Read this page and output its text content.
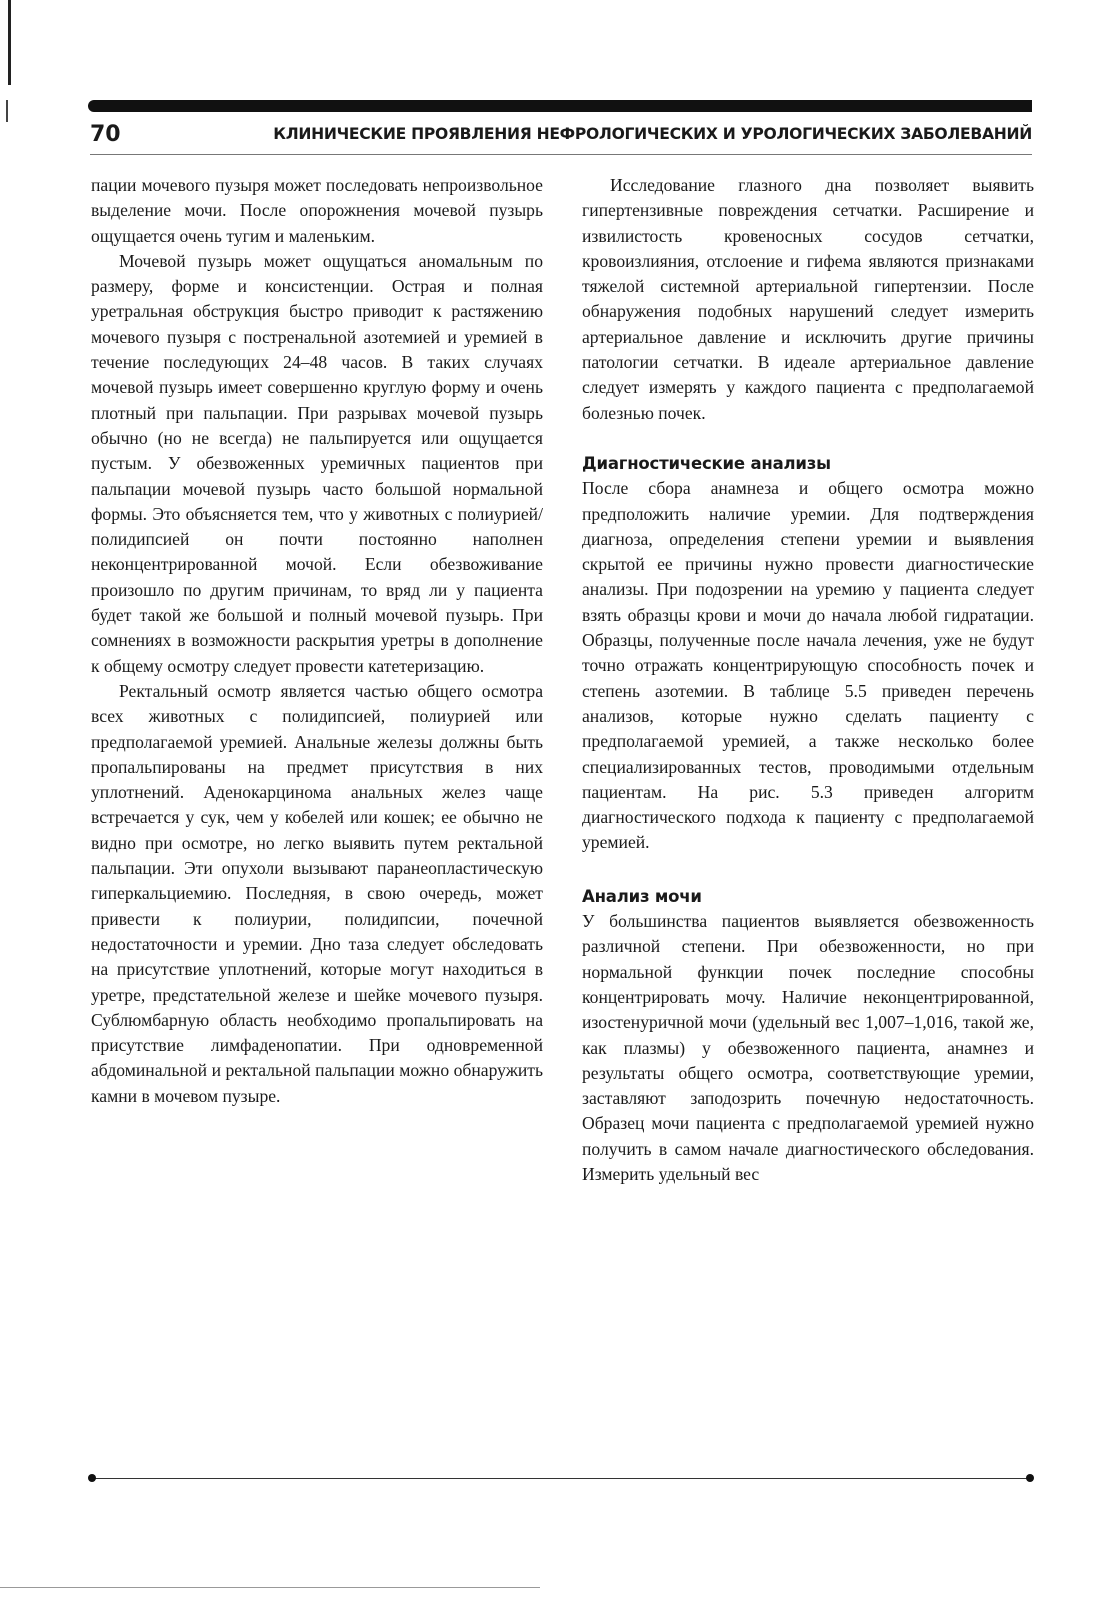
70	КЛИНИЧЕСКИЕ ПРОЯВЛЕНИЯ НЕФРОЛОГИЧЕСКИХ И УРОЛОГИЧЕСКИХ ЗАБОЛЕВАНИЙ

пации мочевого пузыря может последовать непроизвольное выделение мочи. После опорожнения мочевой пузырь ощущается очень тугим и маленьким.

Мочевой пузырь может ощущаться аномальным по размеру, форме и консистенции. Острая и полная уретральная обструкция быстро приводит к растяжению мочевого пузыря с постренальной азотемией и уремией в течение последующих 24–48 часов. В таких случаях мочевой пузырь имеет совершенно круглую форму и очень плотный при пальпации. При разрывах мочевой пузырь обычно (но не всегда) не пальпируется или ощущается пустым. У обезвоженных уремичных пациентов при пальпации мочевой пузырь часто большой нормальной формы. Это объясняется тем, что у животных с полиурией/полидипсией он почти постоянно наполнен неконцентрированной мочой. Если обезвоживание произошло по другим причинам, то вряд ли у пациента будет такой же большой и полный мочевой пузырь. При сомнениях в возможности раскрытия уретры в дополнение к общему осмотру следует провести катетеризацию.

Ректальный осмотр является частью общего осмотра всех животных с полидипсией, полиурией или предполагаемой уремией. Анальные железы должны быть пропальпированы на предмет присутствия в них уплотнений. Аденокарцинома анальных желез чаще встречается у сук, чем у кобелей или кошек; ее обычно не видно при осмотре, но легко выявить путем ректальной пальпации. Эти опухоли вызывают паранеопластическую гиперкальциемию. Последняя, в свою очередь, может привести к полиурии, полидипсии, почечной недостаточности и уремии. Дно таза следует обследовать на присутствие уплотнений, которые могут находиться в уретре, предстательной железе и шейке мочевого пузыря. Сублюмбарную область необходимо пропальпировать на присутствие лимфаденопатии. При одновременной абдоминальной и ректальной пальпации можно обнаружить камни в мочевом пузыре.

Исследование глазного дна позволяет выявить гипертензивные повреждения сетчатки. Расширение и извилистость кровеносных сосудов сетчатки, кровоизлияния, отслоение и гифема являются признаками тяжелой системной артериальной гипертензии. После обнаружения подобных нарушений следует измерить артериальное давление и исключить другие причины патологии сетчатки. В идеале артериальное давление следует измерять у каждого пациента с предполагаемой болезнью почек.

Диагностические анализы

После сбора анамнеза и общего осмотра можно предположить наличие уремии. Для подтверждения диагноза, определения степени уремии и выявления скрытой ее причины нужно провести диагностические анализы. При подозрении на уремию у пациента следует взять образцы крови и мочи до начала любой гидратации. Образцы, полученные после начала лечения, уже не будут точно отражать концентрирующую способность почек и степень азотемии. В таблице 5.5 приведен перечень анализов, которые нужно сделать пациенту с предполагаемой уремией, а также несколько более специализированных тестов, проводимыми отдельным пациентам. На рис. 5.3 приведен алгоритм диагностического подхода к пациенту с предполагаемой уремией.

Анализ мочи

У большинства пациентов выявляется обезвоженность различной степени. При обезвоженности, но при нормальной функции почек последние способны концентрировать мочу. Наличие неконцентрированной, изостенуричной мочи (удельный вес 1,007–1,016, такой же, как плазмы) у обезвоженного пациента, анамнез и результаты общего осмотра, соответствующие уремии, заставляют заподозрить почечную недостаточность. Образец мочи пациента с предполагаемой уремией нужно получить в самом начале диагностического обследования. Измерить удельный вес
